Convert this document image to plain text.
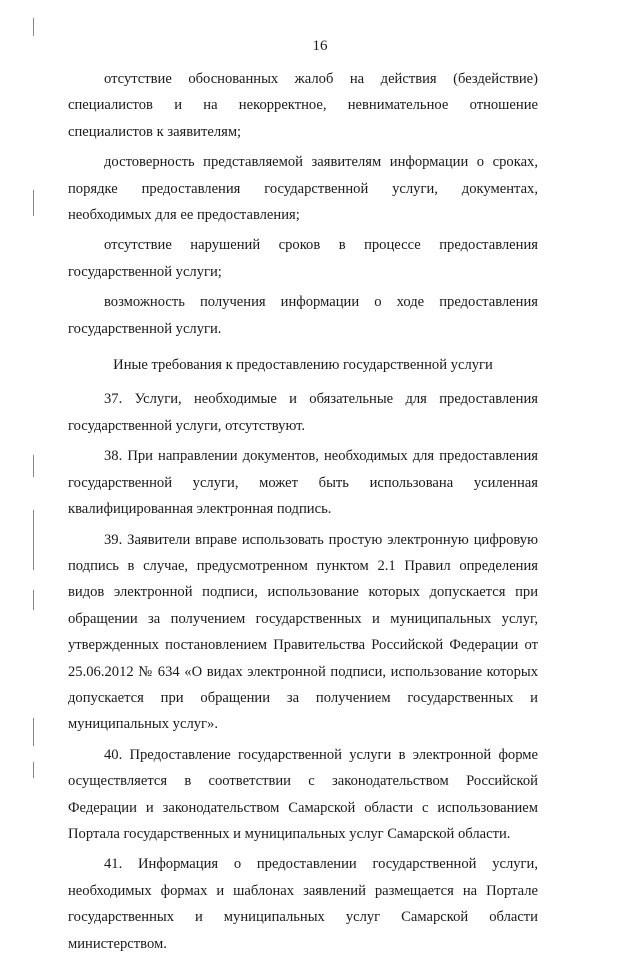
16

отсутствие обоснованных жалоб на действия (бездействие) специалистов и на некорректное, невнимательное отношение специалистов к заявителям;

достоверность представляемой заявителям информации о сроках, порядке предоставления государственной услуги, документах, необходимых для ее предоставления;

отсутствие нарушений сроков в процессе предоставления государственной услуги;

возможность получения информации о ходе предоставления государственной услуги.

Иные требования к предоставлению государственной услуги

37. Услуги, необходимые и обязательные для предоставления государственной услуги, отсутствуют.

38. При направлении документов, необходимых для предоставления государственной услуги, может быть использована усиленная квалифицированная электронная подпись.

39. Заявители вправе использовать простую электронную цифровую подпись в случае, предусмотренном пунктом 2.1 Правил определения видов электронной подписи, использование которых допускается при обращении за получением государственных и муниципальных услуг, утвержденных постановлением Правительства Российской Федерации от 25.06.2012 № 634 «О видах электронной подписи, использование которых допускается при обращении за получением государственных и муниципальных услуг».

40. Предоставление государственной услуги в электронной форме осуществляется в соответствии с законодательством Российской Федерации и законодательством Самарской области с использованием Портала государственных и муниципальных услуг Самарской области.

41. Информация о предоставлении государственной услуги, необходимых формах и шаблонах заявлений размещается на Портале государственных и муниципальных услуг Самарской области министерством.
